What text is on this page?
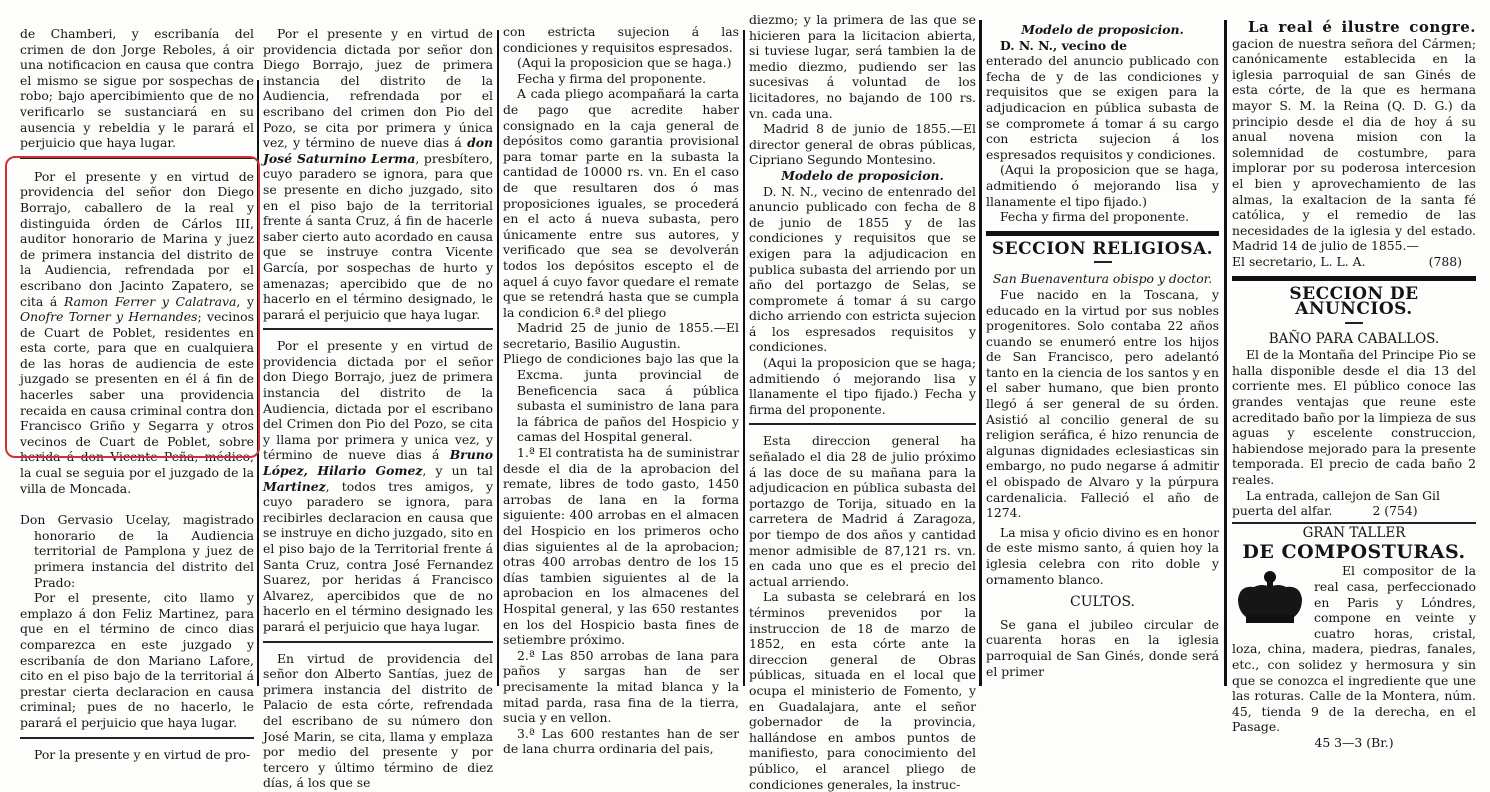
de Chamberi, y escribanía del crimen de don Jorge Reboles, á oir una notificacion en causa que contra el mismo se sigue por sospechas de robo; bajo apercibimiento que de no verificarlo se sustanciará en su ausencia y rebeldia y le parará el perjuicio que haya lugar.

Por el presente y en virtud de providencia del señor don Diego Borrajo, caballero de la real y distinguida órden de Cárlos III, auditor honorario de Marina y juez de primera instancia del distrito de la Audiencia, refrendada por el escribano don Jacinto Zapatero, se cita á Ramon Ferrer y Calatrava, y Onofre Torner y Hernandes; vecinos de Cuart de Poblet, residentes en esta corte, para que en cualquiera de las horas de audiencia de este juzgado se presenten en él á fin de hacerles saber una providencia recaida en causa criminal contra don Francisco Griño y Segarra y otros vecinos de Cuart de Poblet, sobre herida á don Vicente Peña, médico, la cual se seguia por el juzgado de la villa de Moncada.

Don Gervasio Ucelay, magistrado honorario de la Audiencia territorial de Pamplona y juez de primera instancia del distrito del Prado:

Por el presente, cito llamo y emplazo á don Feliz Martinez, para que en el término de cinco dias comparezca en este juzgado y escribanía de don Mariano Lafore, cito en el piso bajo de la territorial á prestar cierta declaracion en causa criminal; pues de no hacerlo, le parará el perjuicio que haya lugar.

Por la presente y en virtud de pro-

Por el presente y en virtud de providencia dictada por señor don Diego Borrajo, juez de primera instancia del distrito de la Audiencia, refrendada por el escribano del crimen don Pio del Pozo, se cita por primera y única vez, y término de nueve dias á don José Saturnino Lerma, presbítero, cuyo paradero se ignora, para que se presente en dicho juzgado, sito en el piso bajo de la territorial frente á santa Cruz, á fin de hacerle saber cierto auto acordado en causa que se instruye contra Vicente García, por sospechas de hurto y amenazas; apercibido que de no hacerlo en el término designado, le parará el perjuicio que haya lugar.

Por el presente y en virtud de providencia dictada por el señor don Diego Borrajo, juez de primera instancia del distrito de la Audiencia, dictada por el escribano del Crimen don Pio del Pozo, se cita y llama por primera y unica vez, y término de nueve dias á Bruno López, Hilario Gomez, y un tal Martinez, todos tres amigos, y cuyo paradero se ignora, para recibirles declaracion en causa que se instruye en dicho juzgado, sito en el piso bajo de la Territorial frente á Santa Cruz, contra José Fernandez Suarez, por heridas á Francisco Alvarez, apercibidos que de no hacerlo en el término designado les parará el perjuicio que haya lugar.

En virtud de providencia del señor don Alberto Santías, juez de primera instancia del distrito de Palacio de esta córte, refrendada del escribano de su número don José Marin, se cita, llama y emplaza por medio del presente y por tercero y último término de diez días, á los que se

con estricta sujecion á las condiciones y requisitos espresados.

(Aqui la proposicion que se haga.)

Fecha y firma del proponente.

A cada pliego acompañará la carta de pago que acredite haber consignado en la caja general de depósitos como garantia provisional para tomar parte en la subasta la cantidad de 10000 rs. vn. En el caso de que resultaren dos ó mas proposiciones iguales, se procederá en el acto á nueva subasta, pero únicamente entre sus autores, y verificado que sea se devolverán todos los depósitos escepto el de aquel á cuyo favor quedare el remate que se retendrá hasta que se cumpla la condicion 6.ª del pliego

Madrid 25 de junio de 1855.—El secretario, Basilio Augustin.

Pliego de condiciones bajo las que la Excma. junta provincial de Beneficencia saca á pública subasta el suministro de lana para la fábrica de paños del Hospicio y camas del Hospital general.

1.ª El contratista ha de suministrar desde el dia de la aprobacion del remate, libres de todo gasto, 1450 arrobas de lana en la forma siguiente: 400 arrobas en el almacen del Hospicio en los primeros ocho dias siguientes al de la aprobacion; otras 400 arrobas dentro de los 15 días tambien siguientes al de la aprobacion en los almacenes del Hospital general, y las 650 restantes en los del Hospicio basta fines de setiembre próximo.

2.ª Las 850 arrobas de lana para paños y sargas han de ser precisamente la mitad blanca y la mitad parda, rasa fina de la tierra, sucia y en vellon.

3.ª Las 600 restantes han de ser de lana churra ordinaria del pais,

diezmo; y la primera de las que se hicieren para la licitacion abierta, si tuviese lugar, será tambien la de medio diezmo, pudiendo ser las sucesivas á voluntad de los licitadores, no bajando de 100 rs. vn. cada una.

Madrid 8 de junio de 1855.—El director general de obras públicas, Cipriano Segundo Montesino.

Modelo de proposicion.

D. N. N., vecino de entenrado del anuncio publicado con fecha de 8 de junio de 1855 y de las condiciones y requisitos que se exigen para la adjudicacion en publica subasta del arriendo por un año del portazgo de Selas, se compromete á tomar á su cargo dicho arriendo con estricta sujecion á los espresados requisitos y condiciones.

(Aqui la proposicion que se haga; admitiendo ó mejorando lisa y llanamente el tipo fijado.) Fecha y firma del proponente.

Esta direccion general ha señalado el dia 28 de julio próximo á las doce de su mañana para la adjudicacion en pública subasta del portazgo de Torija, situado en la carretera de Madrid á Zaragoza, por tiempo de dos años y cantidad menor admisible de 87,121 rs. vn. en cada uno que es el precio del actual arriendo.

La subasta se celebrará en los términos prevenidos por la instruccion de 18 de marzo de 1852, en esta córte ante la direccion general de Obras públicas, situada en el local que ocupa el ministerio de Fomento, y en Guadalajara, ante el señor gobernador de la provincia, hallándose en ambos puntos de manifiesto, para conocimiento del público, el arancel pliego de condiciones generales, la instruc-

Modelo de proposicion.

D. N. N., vecino de

enterado del anuncio publicado con fecha de y de las condiciones y requisitos que se exigen para la adjudicacion en pública subasta de se compromete á tomar á su cargo con estricta sujecion á los espresados requisitos y condiciones.

(Aqui la proposicion que se haga, admitiendo ó mejorando lisa y llanamente el tipo fijado.)

Fecha y firma del proponente.

SECCION RELIGIOSA.

San Buenaventura obispo y doctor.

Fue nacido en la Toscana, y educado en la virtud por sus nobles progenitores. Solo contaba 22 años cuando se enumeró entre los hijos de San Francisco, pero adelantó tanto en la ciencia de los santos y en el saber humano, que bien pronto llegó á ser general de su órden. Asistió al concilio general de su religion seráfica, é hizo renuncia de algunas dignidades eclesiasticas sin embargo, no pudo negarse á admitir el obispado de Alvaro y la púrpura cardenalicia. Falleció el año de 1274.

La misa y oficio divino es en honor de este mismo santo, á quien hoy la iglesia celebra con rito doble y ornamento blanco.

CULTOS.

Se gana el jubileo circular de cuarenta horas en la iglesia parroquial de San Ginés, donde será el primer

La real é ilustre congre. gacion de nuestra señora del Cármen; canónicamente establecida en la iglesia parroquial de san Ginés de esta córte, de la que es hermana mayor S. M. la Reina (Q. D. G.) da principio desde el dia de hoy á su anual novena mision con la solemnidad de costumbre, para implorar por su poderosa intercesion el bien y aprovechamiento de las almas, la exaltacion de la santa fé católica, y el remedio de las necesidades de la iglesia y del estado. Madrid 14 de julio de 1855.—

El secretario, L. L. A.	(788)

SECCION DE ANUNCIOS.

BAÑO PARA CABALLOS.

El de la Montaña del Principe Pio se halla disponible desde el dia 13 del corriente mes. El público conoce las grandes ventajas que reune este acreditado baño por la limpieza de sus aguas y escelente construccion, habiendose mejorado para la presente temporada. El precio de cada baño 2 reales.

La entrada, callejon de San Gil

puerta del alfar.	2 (754)

GRAN TALLER

DE COMPOSTURAS.

El compositor de la real casa, perfeccionado en Paris y Lóndres, compone en veinte y cuatro horas, cristal, loza, china, madera, piedras, fanales, etc., con solidez y hermosura y sin que se conozca el ingrediente que une las roturas. Calle de la Montera, núm. 45, tienda 9 de la derecha, en el Pasage.

45 3—3 (Br.)
